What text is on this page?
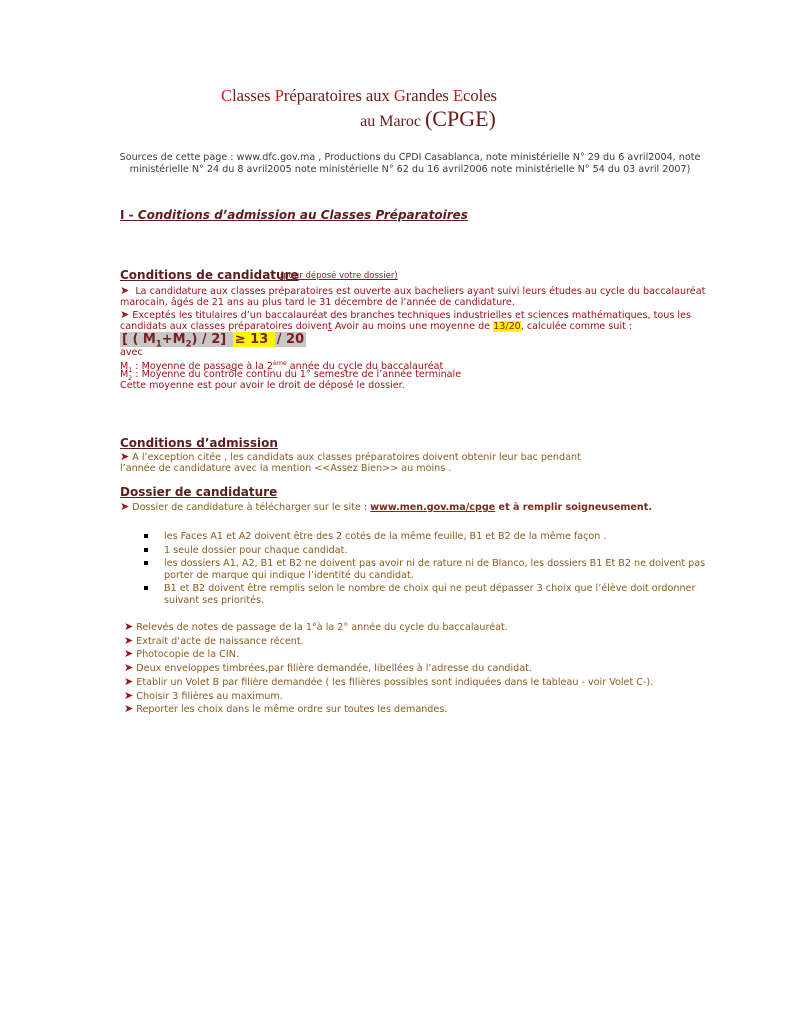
Classes Préparatoires aux Grandes Ecoles
au Maroc (CPGE)
Sources de cette page : www.dfc.gov.ma , Productions du CPDI Casablanca, note ministérielle N° 29 du 6 avril2004, note
ministérielle N° 24 du 8 avril2005 note ministérielle N° 62 du 16 avril2006 note ministérielle N° 54 du 03 avril 2007)
I - Conditions d’admission au Classes Préparatoires
Conditions de candidature
(pour déposé votre dossier)
➤ La candidature aux classes préparatoires est ouverte aux bacheliers ayant suivi leurs études au cycle du baccalauréat
marocain, âgés de 21 ans au plus tard le 31 décembre de l’année de candidature.
➤ Exceptés les titulaires d’un baccalauréat des branches techniques industrielles et sciences mathématiques, tous les
candidats aux classes préparatoires doivent Avoir au moins une moyenne de 13/20, calculée comme suit :
[ ( $M_1+M_2) / 2] \ge 13 / 20$
avec
$M_1$ : Moyenne de passage à la 2ème année du cycle du baccalauréat
$M_2$ : Moyenne du contrôle continu du 1° semestre de l’année terminale
Cette moyenne est pour avoir le droit de déposé le dossier.
Conditions d’admission
➤ A l’exception citée , les candidats aux classes préparatoires doivent obtenir leur bac pendant
l’année de candidature avec la mention <<Assez Bien>> au moins .
Dossier de candidature
➤ Dossier de candidature à télécharger sur le site : www.men.gov.ma/cpge et à remplir soigneusement.
les Faces A1 et A2 doivent être des 2 cotés de la même feuille, B1 et B2 de la même façon .
1 seule dossier pour chaque candidat.
les dossiers A1, A2, B1 et B2 ne doivent pas avoir ni de rature ni de Blanco, les dossiers B1 Et B2 ne doivent pas porter de marque qui indique l’identité du candidat.
B1 et B2 doivent être remplis selon le nombre de choix qui ne peut dépasser 3 choix que l’élève doit ordonner suivant ses priorités.
➤ Relevés de notes de passage de la 1°à la 2° année du cycle du baccalauréat.
➤ Extrait d’acte de naissance récent.
➤ Photocopie de la CIN.
➤ Deux enveloppes timbrées,par filière demandée, libellées à l’adresse du candidat.
➤ Etablir un Volet B par filière demandée ( les filières possibles sont indiquées dans le tableau - voir Volet C-).
➤ Choisir 3 filières au maximum.
➤ Reporter les choix dans le même ordre sur toutes les demandes.
